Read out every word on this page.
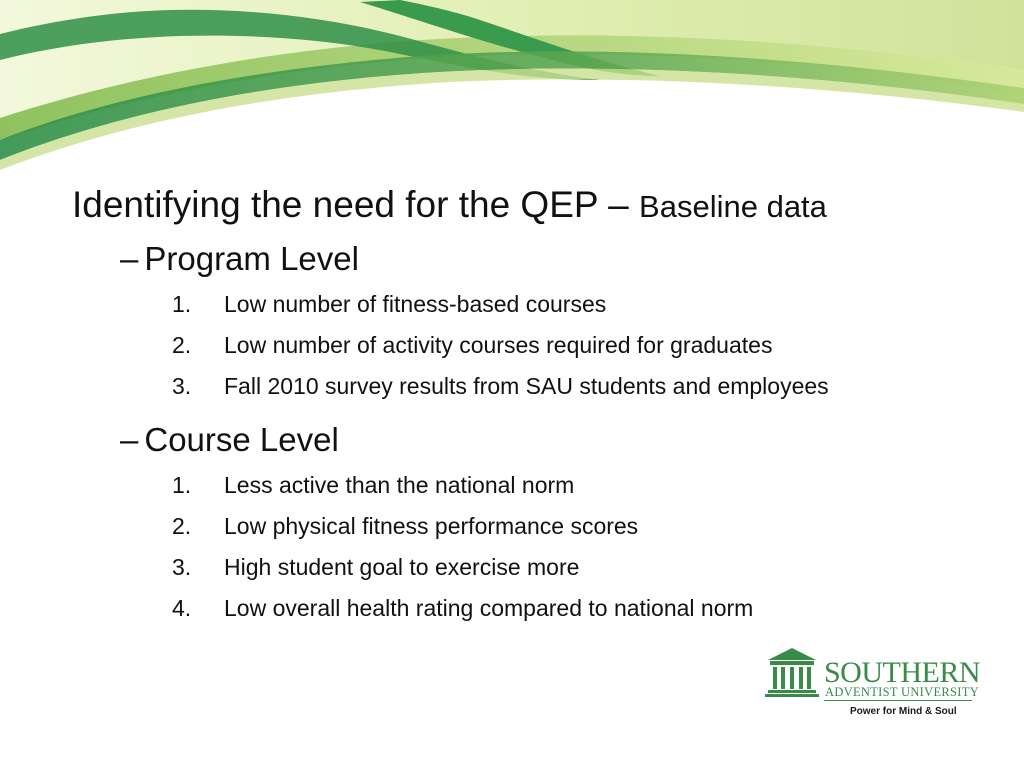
Identifying the need for the QEP – Baseline data
– Program Level
1. Low number of fitness-based courses
2. Low number of activity courses required for graduates
3. Fall 2010 survey results from SAU students and employees
– Course Level
1. Less active than the national norm
2. Low physical fitness performance scores
3. High student goal to exercise more
4. Low overall health rating compared to national norm
SOUTHERN
ADVENTIST UNIVERSITY
Power for Mind & Soul
